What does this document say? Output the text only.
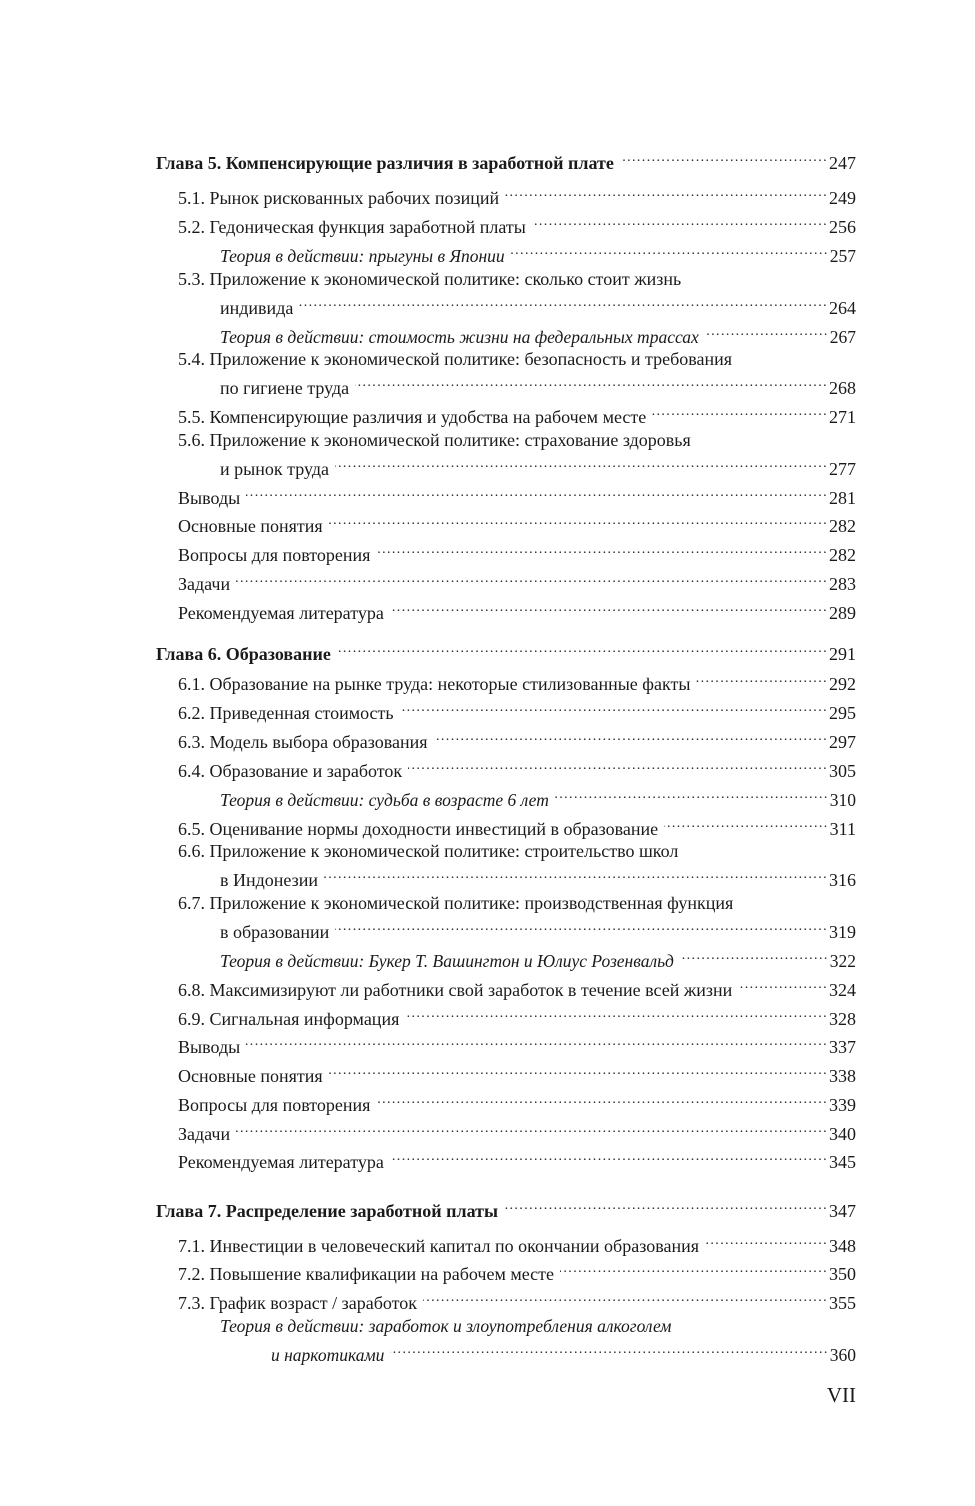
Глава 5. Компенсирующие различия в заработной плате .....	247
5.1. Рынок рискованных рабочих позиций .....	249
5.2. Гедоническая функция заработной платы .....	256
Теория в действии: прыгуны в Японии .....	257
5.3. Приложение к экономической политике: сколько стоит жизнь
индивида .....	264
Теория в действии: стоимость жизни на федеральных трассах .....	267
5.4. Приложение к экономической политике: безопасность и требования
по гигиене труда .....	268
5.5. Компенсирующие различия и удобства на рабочем месте .....	271
5.6. Приложение к экономической политике: страхование здоровья
и рынок труда .....	277
Выводы .....	281
Основные понятия .....	282
Вопросы для повторения .....	282
Задачи .....	283
Рекомендуемая литература .....	289
Глава 6. Образование .....	291
6.1. Образование на рынке труда: некоторые стилизованные факты .....	292
6.2. Приведенная стоимость .....	295
6.3. Модель выбора образования .....	297
6.4. Образование и заработок .....	305
Теория в действии: судьба в возрасте 6 лет .....	310
6.5. Оценивание нормы доходности инвестиций в образование .....	311
6.6. Приложение к экономической политике: строительство школ
в Индонезии .....	316
6.7. Приложение к экономической политике: производственная функция
в образовании .....	319
Теория в действии: Букер Т. Вашингтон и Юлиус Розенвальд .....	322
6.8. Максимизируют ли работники свой заработок в течение всей жизни .....	324
6.9. Сигнальная информация .....	328
Выводы .....	337
Основные понятия .....	338
Вопросы для повторения .....	339
Задачи .....	340
Рекомендуемая литература .....	345
Глава 7. Распределение заработной платы .....	347
7.1. Инвестиции в человеческий капитал по окончании образования .....	348
7.2. Повышение квалификации на рабочем месте .....	350
7.3. График возраст / заработок .....	355
Теория в действии: заработок и злоупотребления алкоголем
и наркотиками .....	360
VII
